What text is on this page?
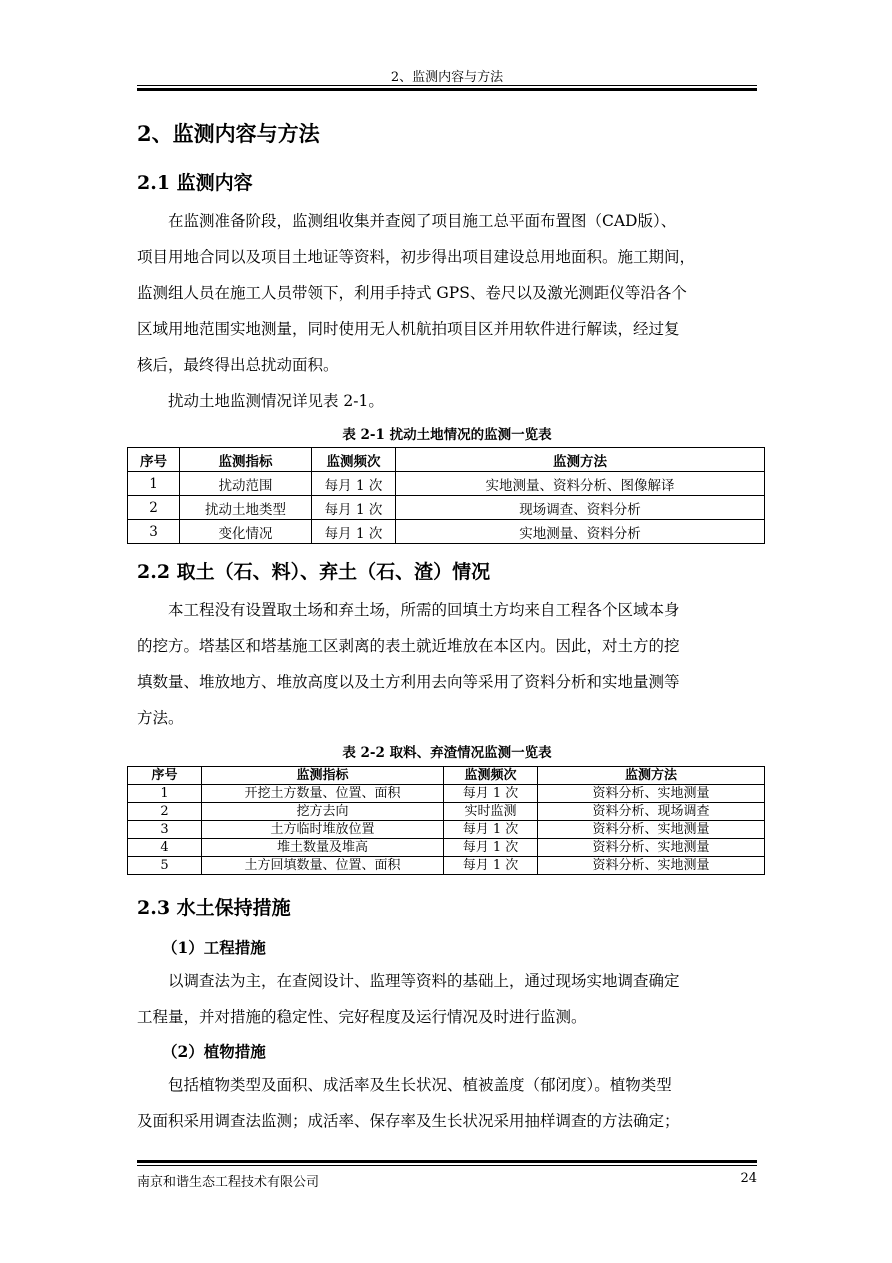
2、监测内容与方法
2、监测内容与方法
2.1 监测内容
在监测准备阶段，监测组收集并查阅了项目施工总平面布置图（CAD版）、
项目用地合同以及项目土地证等资料，初步得出项目建设总用地面积。施工期间，
监测组人员在施工人员带领下，利用手持式 GPS、卷尺以及激光测距仪等沿各个
区域用地范围实地测量，同时使用无人机航拍项目区并用软件进行解读，经过复
核后，最终得出总扰动面积。
扰动土地监测情况详见表 2-1。
表 2-1 扰动土地情况的监测一览表
序号	监测指标	监测频次	监测方法
1	扰动范围	每月 1 次	实地测量、资料分析、图像解译
2	扰动土地类型	每月 1 次	现场调查、资料分析
3	变化情况	每月 1 次	实地测量、资料分析
2.2 取土（石、料）、弃土（石、渣）情况
本工程没有设置取土场和弃土场，所需的回填土方均来自工程各个区域本身
的挖方。塔基区和塔基施工区剥离的表土就近堆放在本区内。因此，对土方的挖
填数量、堆放地方、堆放高度以及土方利用去向等采用了资料分析和实地量测等
方法。
表 2-2 取料、弃渣情况监测一览表
序号	监测指标	监测频次	监测方法
1	开挖土方数量、位置、面积	每月 1 次	资料分析、实地测量
2	挖方去向	实时监测	资料分析、现场调查
3	土方临时堆放位置	每月 1 次	资料分析、实地测量
4	堆土数量及堆高	每月 1 次	资料分析、实地测量
5	土方回填数量、位置、面积	每月 1 次	资料分析、实地测量
2.3 水土保持措施
（1）工程措施
以调查法为主，在查阅设计、监理等资料的基础上，通过现场实地调查确定
工程量，并对措施的稳定性、完好程度及运行情况及时进行监测。
（2）植物措施
包括植物类型及面积、成活率及生长状况、植被盖度（郁闭度）。植物类型
及面积采用调查法监测；成活率、保存率及生长状况采用抽样调查的方法确定；
南京和谐生态工程技术有限公司	24
